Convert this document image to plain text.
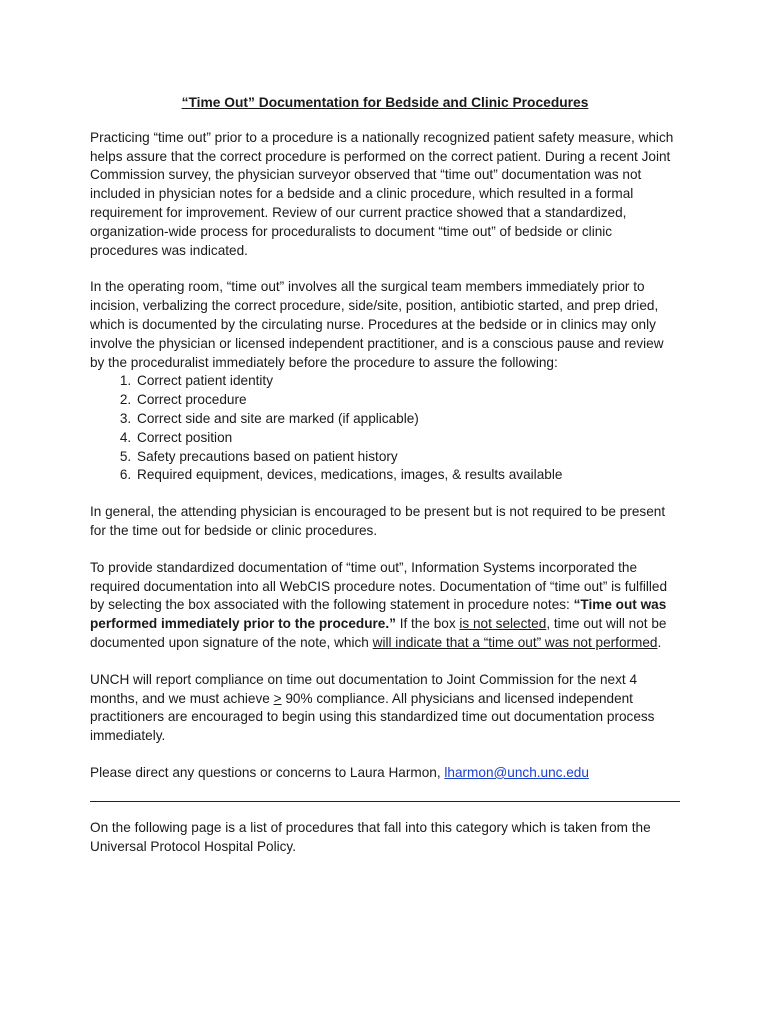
“Time Out” Documentation for Bedside and Clinic Procedures

Practicing “time out” prior to a procedure is a nationally recognized patient safety measure, which helps assure that the correct procedure is performed on the correct patient. During a recent Joint Commission survey, the physician surveyor observed that “time out” documentation was not included in physician notes for a bedside and a clinic procedure, which resulted in a formal requirement for improvement. Review of our current practice showed that a standardized, organization-wide process for proceduralists to document “time out” of bedside or clinic procedures was indicated.

In the operating room, “time out” involves all the surgical team members immediately prior to incision, verbalizing the correct procedure, side/site, position, antibiotic started, and prep dried, which is documented by the circulating nurse. Procedures at the bedside or in clinics may only involve the physician or licensed independent practitioner, and is a conscious pause and review by the proceduralist immediately before the procedure to assure the following:

1. Correct patient identity
2. Correct procedure
3. Correct side and site are marked (if applicable)
4. Correct position
5. Safety precautions based on patient history
6. Required equipment, devices, medications, images, & results available

In general, the attending physician is encouraged to be present but is not required to be present for the time out for bedside or clinic procedures.

To provide standardized documentation of “time out”, Information Systems incorporated the required documentation into all WebCIS procedure notes. Documentation of “time out” is fulfilled by selecting the box associated with the following statement in procedure notes: “Time out was performed immediately prior to the procedure.” If the box is not selected, time out will not be documented upon signature of the note, which will indicate that a “time out” was not performed.

UNCH will report compliance on time out documentation to Joint Commission for the next 4 months, and we must achieve ≥ 90% compliance. All physicians and licensed independent practitioners are encouraged to begin using this standardized time out documentation process immediately.

Please direct any questions or concerns to Laura Harmon, lharmon@unch.unc.edu

On the following page is a list of procedures that fall into this category which is taken from the Universal Protocol Hospital Policy.
